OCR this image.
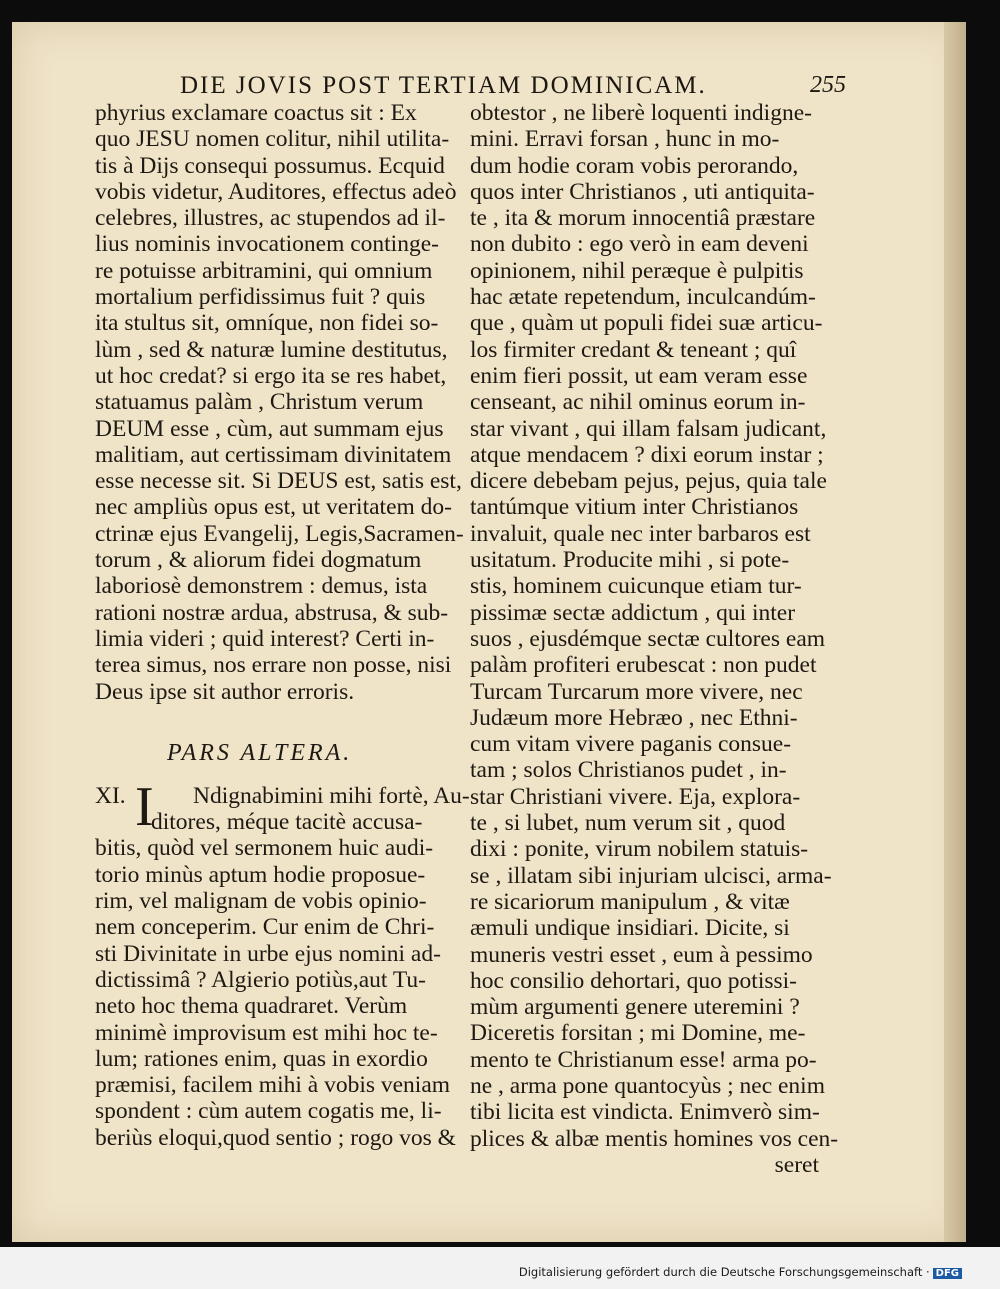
DIE JOVIS POST TERTIAM DOMINICAM.	255
phyrius exclamare coactus sit : Ex
quo JESU nomen colitur, nihil utilita-
tis à Dijs consequi possumus. Ecquid
vobis videtur, Auditores, effectus adeò
celebres, illustres, ac stupendos ad il-
lius nominis invocationem continge-
re potuisse arbitramini, qui omnium
mortalium perfidissimus fuit ? quis
ita stultus sit, omníque, non fidei so-
lùm , sed & naturæ lumine destitutus,
ut hoc credat? si ergo ita se res habet,
statuamus palàm , Christum verum
DEUM esse , cùm, aut summam ejus
malitiam, aut certissimam divinitatem
esse necesse sit. Si DEUS est, satis est,
nec ampliùs opus est, ut veritatem do-
ctrinæ ejus Evangelij, Legis,Sacramen-
torum , & aliorum fidei dogmatum
laboriosè demonstrem : demus, ista
rationi nostræ ardua, abstrusa, & sub-
limia videri ; quid interest? Certi in-
terea simus, nos errare non posse, nisi
Deus ipse sit author erroris.
PARS ALTERA.
XI. I Ndignabimini mihi fortè, Au-
ditores, méque tacitè accusa-
bitis, quòd vel sermonem huic audi-
torio minùs aptum hodie proposue-
rim, vel malignam de vobis opinio-
nem conceperim. Cur enim de Chri-
sti Divinitate in urbe ejus nomini ad-
dictissimâ ? Algierio potiùs,aut Tu-
neto hoc thema quadraret. Verùm
minimè improvisum est mihi hoc te-
lum; rationes enim, quas in exordio
præmisi, facilem mihi à vobis veniam
spondent : cùm autem cogatis me, li-
beriùs eloqui,quod sentio ; rogo vos &
obtestor , ne liberè loquenti indigne-
mini. Erravi forsan , hunc in mo-
dum hodie coram vobis perorando,
quos inter Christianos , uti antiquita-
te , ita & morum innocentiâ præstare
non dubito : ego verò in eam deveni
opinionem, nihil peræque è pulpitis
hac ætate repetendum, inculcandúm-
que , quàm ut populi fidei suæ articu-
los firmiter credant & teneant ; quî
enim fieri possit, ut eam veram esse
censeant, ac nihil ominus eorum in-
star vivant , qui illam falsam judicant,
atque mendacem ? dixi eorum instar ;
dicere debebam pejus, pejus, quia tale
tantúmque vitium inter Christianos
invaluit, quale nec inter barbaros est
usitatum. Producite mihi , si pote-
stis, hominem cuicunque etiam tur-
pissimæ sectæ addictum , qui inter
suos , ejusdémque sectæ cultores eam
palàm profiteri erubescat : non pudet
Turcam Turcarum more vivere, nec
Judæum more Hebræo , nec Ethni-
cum vitam vivere paganis consue-
tam ; solos Christianos pudet , in-
star Christiani vivere. Eja, explora-
te , si lubet, num verum sit , quod
dixi : ponite, virum nobilem statuis-
se , illatam sibi injuriam ulcisci, arma-
re sicariorum manipulum , & vitæ
æmuli undique insidiari. Dicite, si
muneris vestri esset , eum à pessimo
hoc consilio dehortari, quo potissi-
mùm argumenti genere uteremini ?
Diceretis forsitan ; mi Domine, me-
mento te Christianum esse! arma po-
ne , arma pone quantocyùs ; nec enim
tibi licita est vindicta. Enimverò sim-
plices & albæ mentis homines vos cen-
seret
Digitalisierung gefördert durch die Deutsche Forschungsgemeinschaft · DFG
